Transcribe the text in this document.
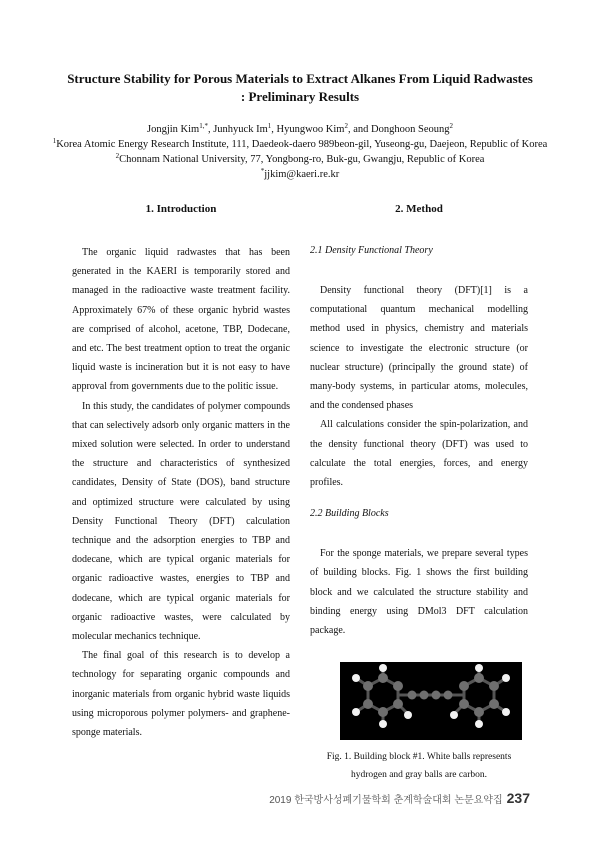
Structure Stability for Porous Materials to Extract Alkanes From Liquid Radwastes
: Preliminary Results
Jongjin Kim$^{1,*}$, Junhyuck Im$^1$, Hyungwoo Kim$^2$, and Donghoon Seoung$^2$
$^1$Korea Atomic Energy Research Institute, 111, Daedeok-daero 989beon-gil, Yuseong-gu, Daejeon, Republic of Korea
$^2$Chonnam National University, 77, Yongbong-ro, Buk-gu, Gwangju, Republic of Korea
*jjkim@kaeri.re.kr
1. Introduction

The organic liquid radwastes that has been generated in the KAERI is temporarily stored and managed in the radioactive waste treatment facility. Approximately 67% of these organic hybrid wastes are comprised of alcohol, acetone, TBP, Dodecane, and etc. The best treatment option to treat the organic liquid waste is incineration but it is not easy to have approval from governments due to the politic issue.

In this study, the candidates of polymer compounds that can selectively adsorb only organic matters in the mixed solution were selected. In order to understand the structure and characteristics of synthesized candidates, Density of State (DOS), band structure and optimized structure were calculated by using Density Functional Theory (DFT) calculation technique and the adsorption energies to TBP and dodecane, which are typical organic materials for organic radioactive wastes, energies to TBP and dodecane, which are typical organic materials for organic radioactive wastes, were calculated by molecular mechanics technique.

The final goal of this research is to develop a technology for separating organic compounds and inorganic materials from organic hybrid waste liquids using microporous polymer polymers- and graphene-sponge materials.

2. Method
2.1 Density Functional Theory

Density functional theory (DFT)[1] is a computational quantum mechanical modelling method used in physics, chemistry and materials science to investigate the electronic structure (or nuclear structure) (principally the ground state) of many-body systems, in particular atoms, molecules, and the condensed phases

All calculations consider the spin-polarization, and the density functional theory (DFT) was used to calculate the total energies, forces, and energy profiles.

2.2 Building Blocks

For the sponge materials, we prepare several types of building blocks. Fig. 1 shows the first building block and we calculated the structure stability and binding energy using DMol3 DFT calculation package.

Fig. 1. Building block #1. White balls represents hydrogen and gray balls are carbon.
2019 한국방사성폐기물학회 춘계학술대회 논문요약집 237
